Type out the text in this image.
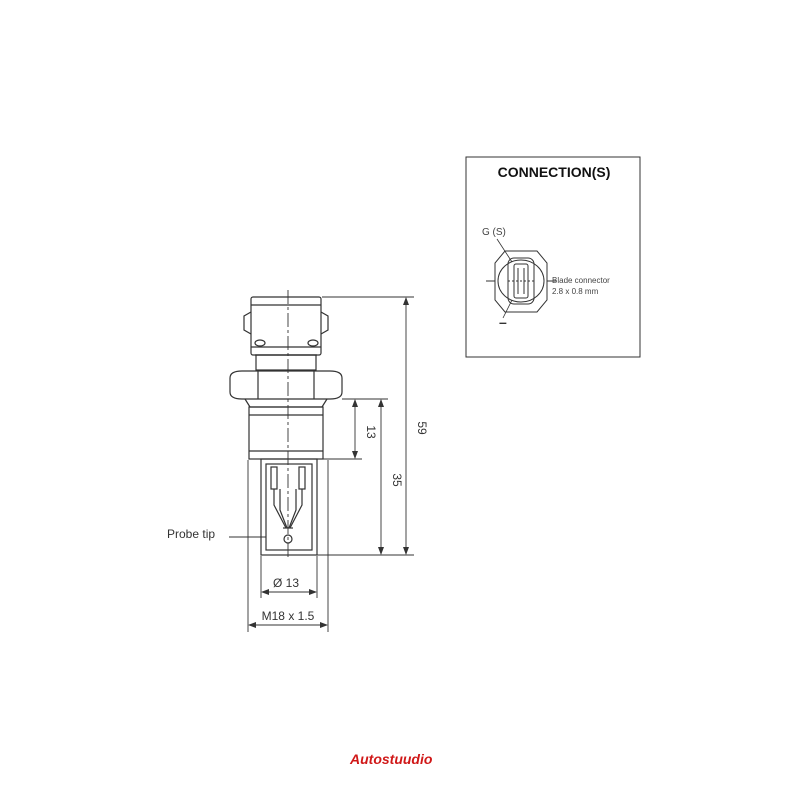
59
35
13
Ø 13
M18 x 1.5
Probe tip
CONNECTION(S)
G (S)
Blade connector
2.8 x 0.8 mm
–
Autostuudio
